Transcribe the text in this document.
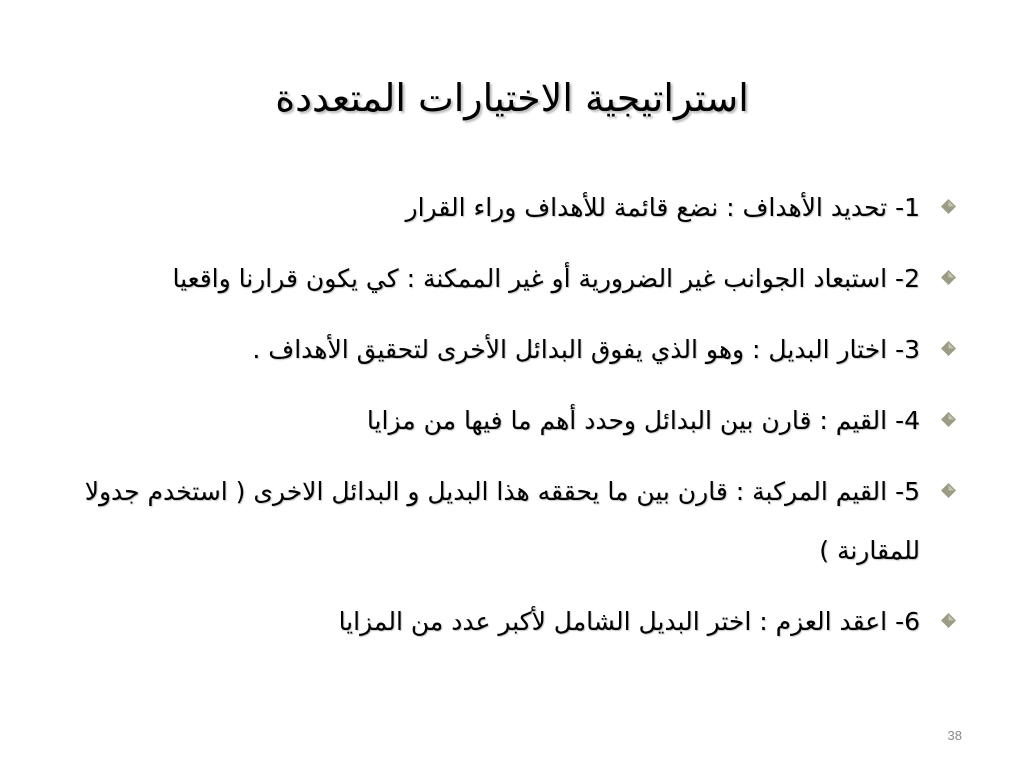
استراتيجية الاختيارات المتعددة
1- تحديد الأهداف : نضع قائمة للأهداف وراء القرار
2- استبعاد الجوانب غير الضرورية أو غير الممكنة : كي يكون قرارنا واقعيا
3- اختار البديل : وهو الذي يفوق البدائل الأخرى لتحقيق الأهداف .
4- القيم : قارن بين البدائل وحدد أهم ما فيها من مزايا
5- القيم المركبة : قارن بين ما يحققه هذا البديل و البدائل الاخرى ( استخدم جدولا للمقارنة )
6- اعقد العزم : اختر البديل الشامل لأكبر عدد من المزايا
38
